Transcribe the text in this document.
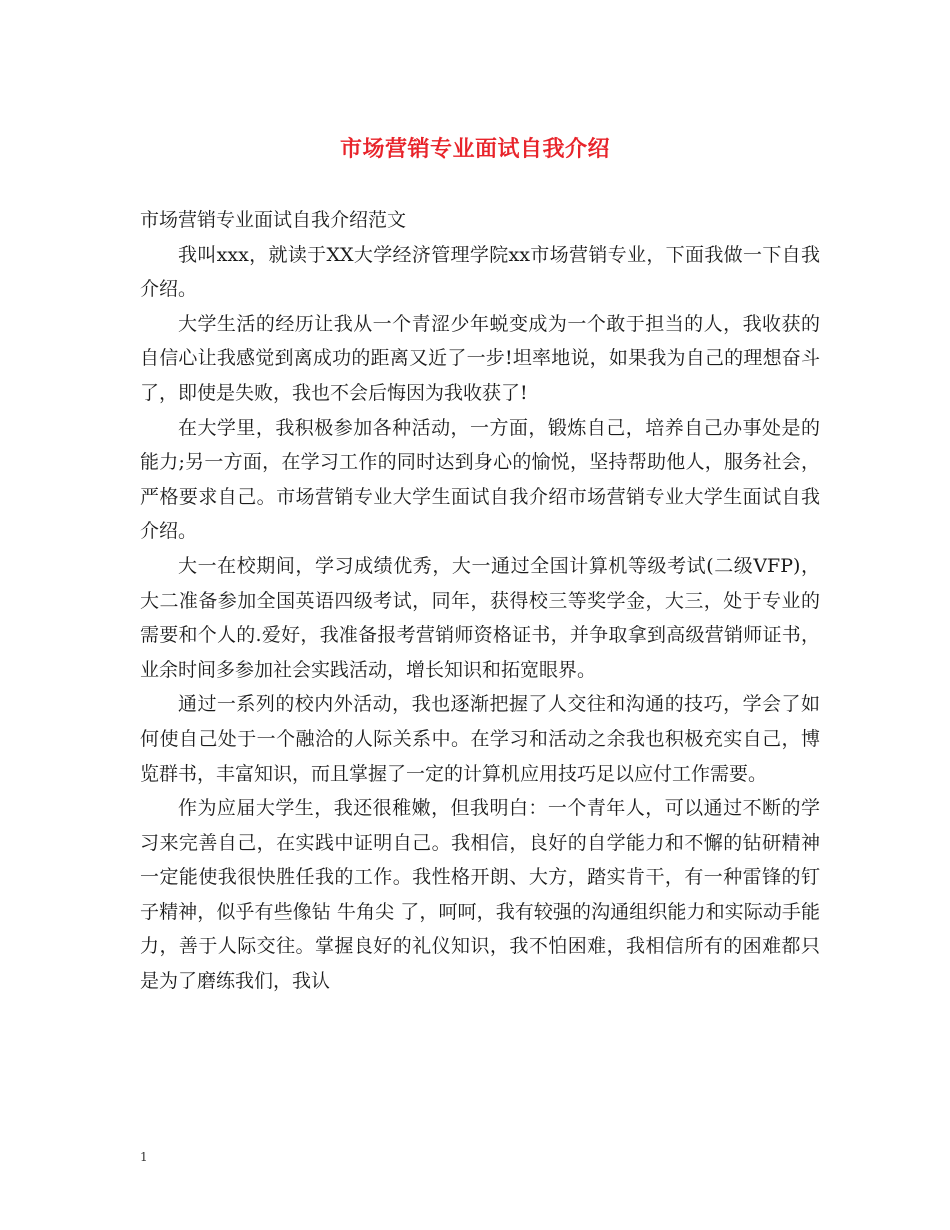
市场营销专业面试自我介绍

市场营销专业面试自我介绍范文

我叫xxx，就读于XX大学经济管理学院xx市场营销专业，下面我做一下自我介绍。

大学生活的经历让我从一个青涩少年蜕变成为一个敢于担当的人，我收获的自信心让我感觉到离成功的距离又近了一步!坦率地说，如果我为自己的理想奋斗了，即使是失败，我也不会后悔因为我收获了!

在大学里，我积极参加各种活动，一方面，锻炼自己，培养自己办事处是的能力;另一方面，在学习工作的同时达到身心的愉悦，坚持帮助他人，服务社会，严格要求自己。市场营销专业大学生面试自我介绍市场营销专业大学生面试自我介绍。

大一在校期间，学习成绩优秀，大一通过全国计算机等级考试(二级VFP)，大二准备参加全国英语四级考试，同年，获得校三等奖学金，大三，处于专业的需要和个人的.爱好，我准备报考营销师资格证书，并争取拿到高级营销师证书，业余时间多参加社会实践活动，增长知识和拓宽眼界。

通过一系列的校内外活动，我也逐渐把握了人交往和沟通的技巧，学会了如何使自己处于一个融洽的人际关系中。在学习和活动之余我也积极充实自己，博览群书，丰富知识，而且掌握了一定的计算机应用技巧足以应付工作需要。

作为应届大学生，我还很稚嫩，但我明白：一个青年人，可以通过不断的学习来完善自己，在实践中证明自己。我相信，良好的自学能力和不懈的钻研精神一定能使我很快胜任我的工作。我性格开朗、大方，踏实肯干，有一种雷锋的钉子精神，似乎有些像钻 牛角尖 了，呵呵，我有较强的沟通组织能力和实际动手能力，善于人际交往。掌握良好的礼仪知识，我不怕困难，我相信所有的困难都只是为了磨练我们，我认

1
